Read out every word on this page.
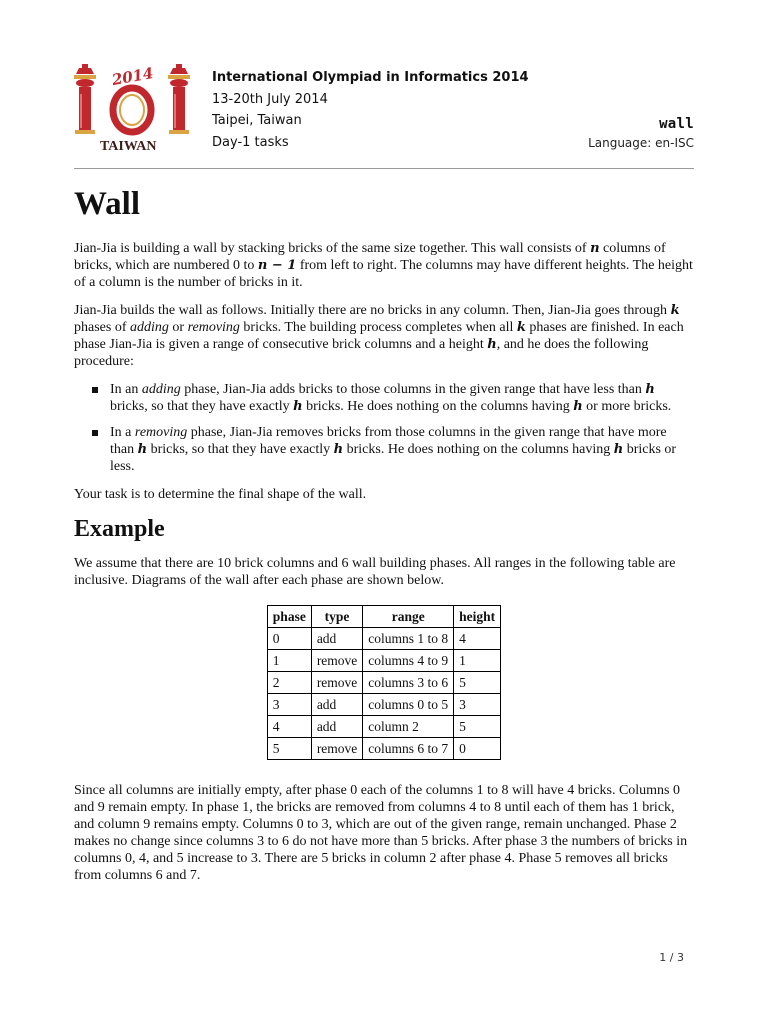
2014
TAIWAN
International Olympiad in Informatics 2014
13-20th July 2014
Taipei, Taiwan
Day-1 tasks
wall
Language: en-ISC
Wall

Jian-Jia is building a wall by stacking bricks of the same size together. This wall consists of n columns of bricks, which are numbered 0 to n − 1 from left to right. The columns may have different heights. The height of a column is the number of bricks in it.

Jian-Jia builds the wall as follows. Initially there are no bricks in any column. Then, Jian-Jia goes through k phases of adding or removing bricks. The building process completes when all k phases are finished. In each phase Jian-Jia is given a range of consecutive brick columns and a height h, and he does the following procedure:

In an adding phase, Jian-Jia adds bricks to those columns in the given range that have less than h bricks, so that they have exactly h bricks. He does nothing on the columns having h or more bricks.
In a removing phase, Jian-Jia removes bricks from those columns in the given range that have more than h bricks, so that they have exactly h bricks. He does nothing on the columns having h bricks or less.

Your task is to determine the final shape of the wall.

Example

We assume that there are 10 brick columns and 6 wall building phases. All ranges in the following table are inclusive. Diagrams of the wall after each phase are shown below.

phase	type	range	height
0	add	columns 1 to 8	4
1	remove	columns 4 to 9	1
2	remove	columns 3 to 6	5
3	add	columns 0 to 5	3
4	add	column 2	5
5	remove	columns 6 to 7	0

Since all columns are initially empty, after phase 0 each of the columns 1 to 8 will have 4 bricks. Columns 0 and 9 remain empty. In phase 1, the bricks are removed from columns 4 to 8 until each of them has 1 brick, and column 9 remains empty. Columns 0 to 3, which are out of the given range, remain unchanged. Phase 2 makes no change since columns 3 to 6 do not have more than 5 bricks. After phase 3 the numbers of bricks in columns 0, 4, and 5 increase to 3. There are 5 bricks in column 2 after phase 4. Phase 5 removes all bricks from columns 6 and 7.

1 / 3
